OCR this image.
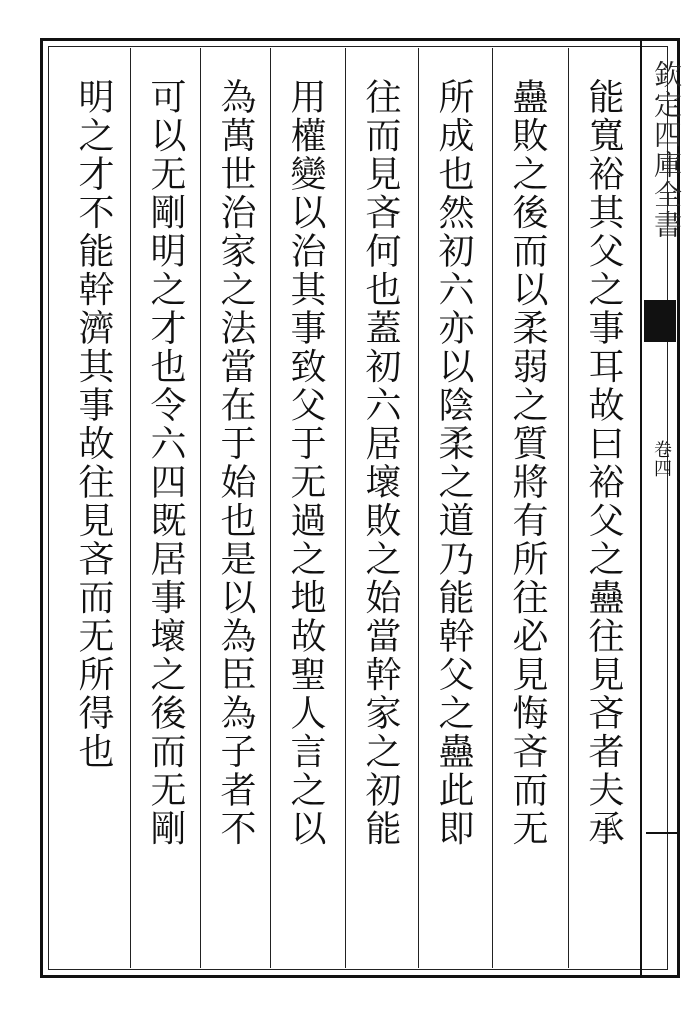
能寬裕其父之事耳故曰裕父之蠱往見吝者夫承
蠱敗之後而以柔弱之質將有所往必見悔吝而无
所成也然初六亦以陰柔之道乃能幹父之蠱此即
往而見吝何也蓋初六居壞敗之始當幹家之初能
用權變以治其事致父于无過之地故聖人言之以
為萬世治家之法當在于始也是以為臣為子者不
可以无剛明之才也令六四既居事壞之後而无剛
明之才不能幹濟其事故往見吝而无所得也	欽定四庫全書
卷四
